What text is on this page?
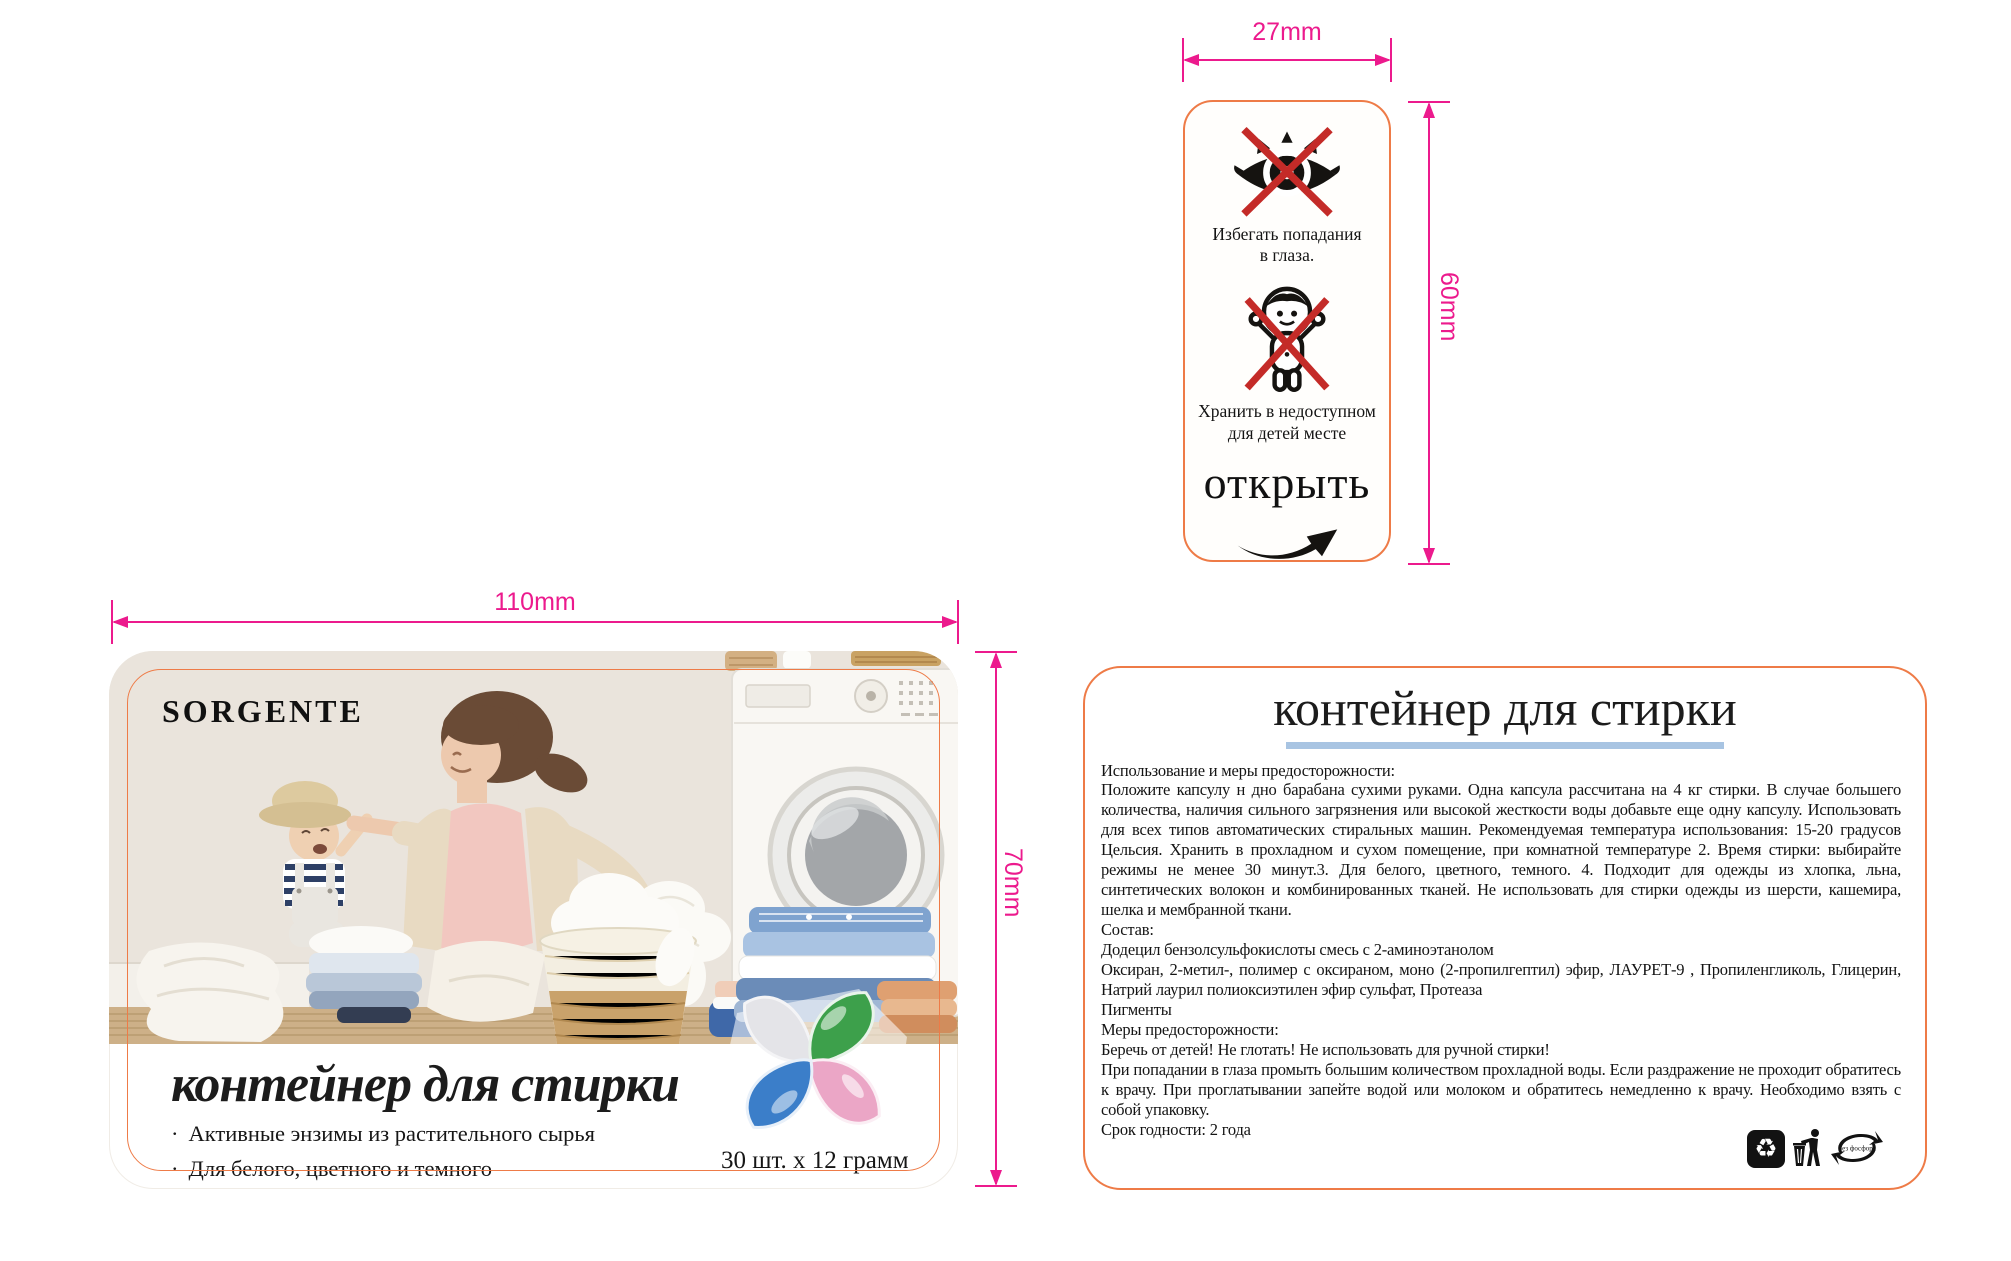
27mm
60mm
110mm
70mm

Избегать попадания
в глаза.

Хранить в недоступном
для детей месте

открыть
SORGENTE
контейнер для стирки
· Активные энзимы из растительного сырья
· Для белого, цветного и темного	30 шт. x 12 грамм
контейнер для стирки

Использование и меры предосторожности:

Положите капсулу н дно барабана сухими руками. Одна капсула рассчитана на 4 кг стирки. В случае большего количества, наличия сильного загрязнения или высокой жесткости воды добавьте еще одну капсулу. Использовать для всех типов автоматических стиральных машин. Рекомендуемая температура использования: 15-20 градусов Цельсия. Хранить в прохладном и сухом помещение, при комнатной температуре 2. Время стирки: выбирайте режимы не менее 30 минут.3. Для белого, цветного, темного. 4. Подходит для одежды из хлопка, льна, синтетических волокон и комбинированных тканей. Не использовать для стирки одежды из шерсти, кашемира, шелка и мембранной ткани.

Состав:

Додецил бензолсульфокислоты смесь с 2-аминоэтанолом

Оксиран, 2-метил-, полимер с оксираном, моно (2-пропилгептил) эфир, ЛАУРЕТ-9 , Пропиленгликоль, Глицерин, Натрий лаурил полиоксиэтилен эфир сульфат, Протеаза

Пигменты

Меры предосторожности:

Беречь от детей! Не глотать! Не использовать для ручной стирки!

При попадании в глаза промыть большим количеством прохладной воды. Если раздражение не проходит обратитесь к врачу. При проглатывании запейте водой или молоком и обратитесь немедленно к врачу. Необходимо взять с собой упаковку.

Срок годности: 2 года

♻	Без фосфора
